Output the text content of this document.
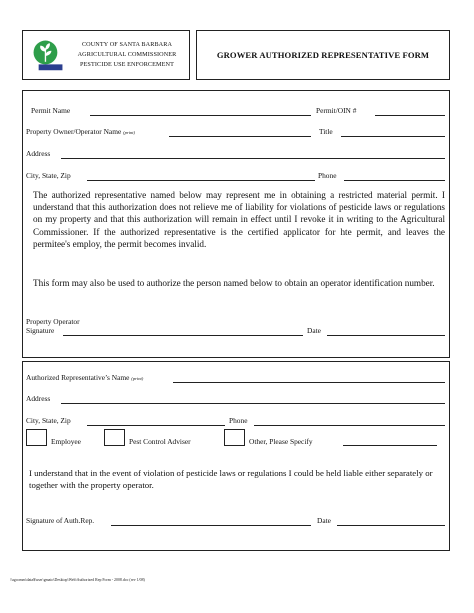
COUNTY OF SANTA BARBARA
AGRICULTURAL COMMISSIONER
PESTICIDE USE ENFORCEMENT
GROWER AUTHORIZED REPRESENTATIVE FORM
Permit Name	Permit/OIN #
Property Owner/Operator Name (print)	Title
Address
City, State, Zip	Phone
The authorized representative named below may represent me in obtaining a restricted material permit. I understand that this authorization does not relieve me of liability for violations of pesticide laws or regulations on my property and that this authorization will remain in effect until I revoke it in writing to the Agricultural Commissioner. If the authorized representative is the certified applicator for hte permit, and leaves the permitee's employ, the permit becomes invalid.
This form may also be used to authorize the person named below to obtain an operator identification number.
Property Operator
Signature	Date
Authorized Representative’s Name (print)
Address
City, State, Zip	Phone
Employee	Pest Control Adviser	Other, Please Specify
I understand that in the event of violation of pesticide laws or regulations I could be held liable either separately or together with the property operator.
Signature of Auth.Rep.	Date
\\agcomm\data$\user\gmaio\Desktop\Web\Authorized Rep Form - 2008.doc (rev 1/08)
